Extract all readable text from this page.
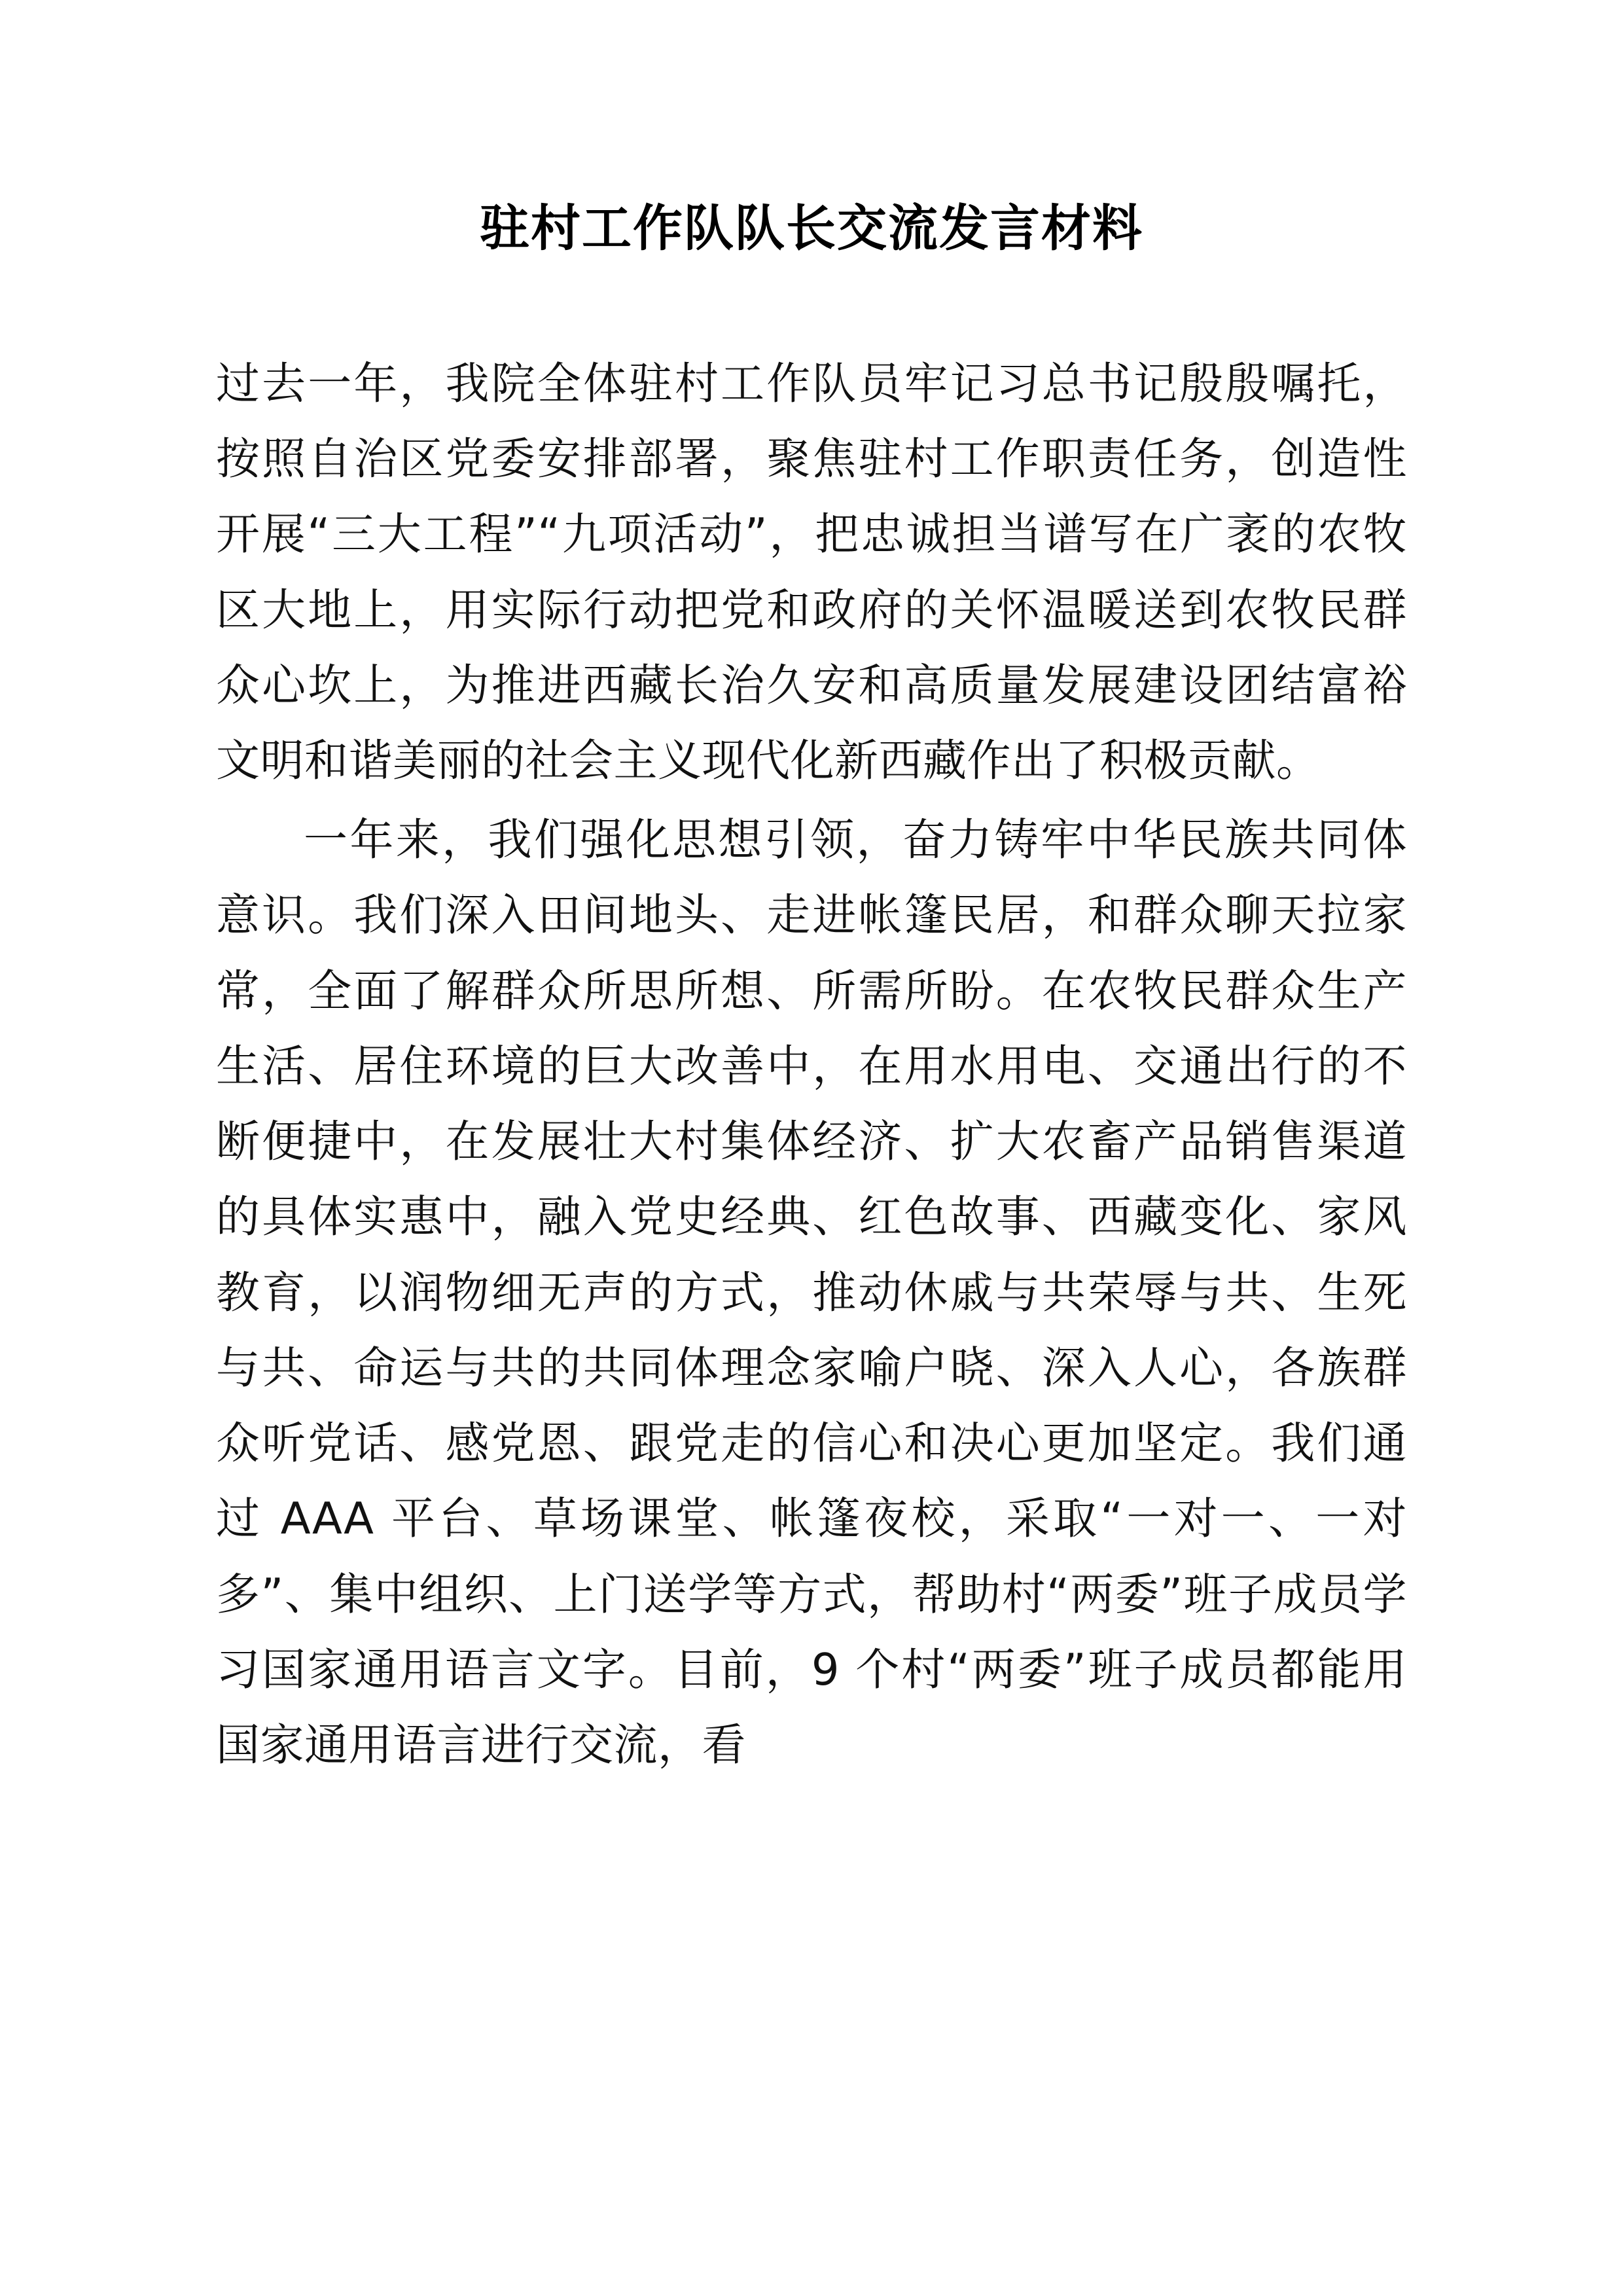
驻村工作队队长交流发言材料

过去一年，我院全体驻村工作队员牢记习总书记殷殷嘱托，按照自治区党委安排部署，聚焦驻村工作职责任务，创造性开展“三大工程”“九项活动”，把忠诚担当谱写在广袤的农牧区大地上，用实际行动把党和政府的关怀温暖送到农牧民群众心坎上，为推进西藏长治久安和高质量发展建设团结富裕文明和谐美丽的社会主义现代化新西藏作出了积极贡献。

一年来，我们强化思想引领，奋力铸牢中华民族共同体意识。我们深入田间地头、走进帐篷民居，和群众聊天拉家常，全面了解群众所思所想、所需所盼。在农牧民群众生产生活、居住环境的巨大改善中，在用水用电、交通出行的不断便捷中，在发展壮大村集体经济、扩大农畜产品销售渠道的具体实惠中，融入党史经典、红色故事、西藏变化、家风教育，以润物细无声的方式，推动休戚与共荣辱与共、生死与共、命运与共的共同体理念家喻户晓、深入人心，各族群众听党话、感党恩、跟党走的信心和决心更加坚定。我们通过 AAA 平台、草场课堂、帐篷夜校，采取“一对一、一对多”、集中组织、上门送学等方式，帮助村“两委”班子成员学习国家通用语言文字。目前，9 个村“两委”班子成员都能用国家通用语言进行交流，看
